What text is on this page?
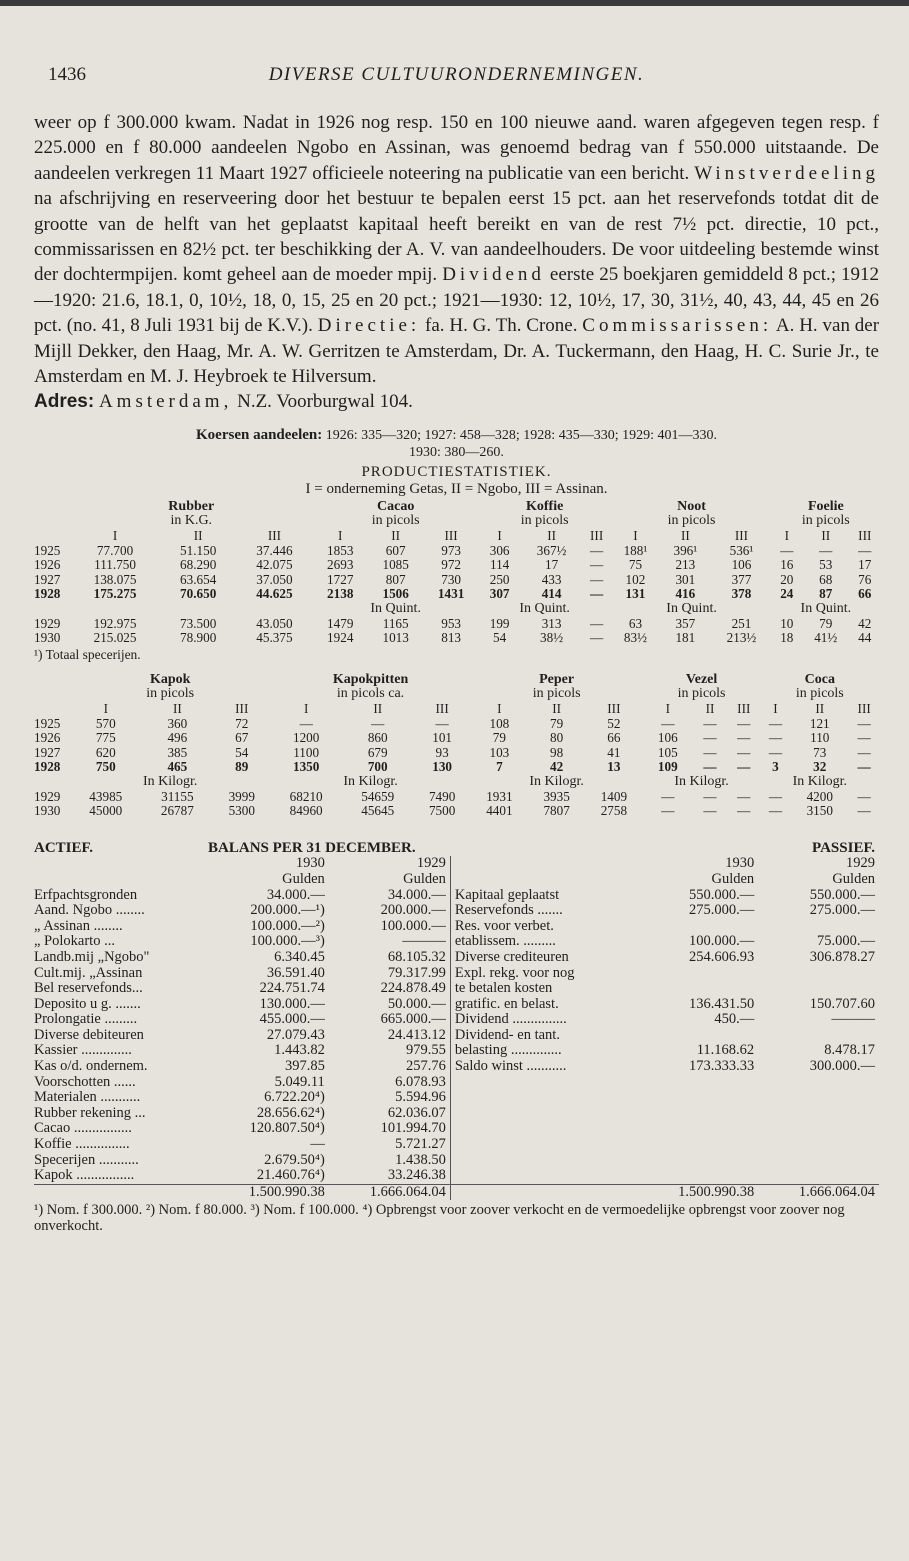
1436	DIVERSE CULTUURONDERNEMINGEN.
weer op f 300.000 kwam. Nadat in 1926 nog resp. 150 en 100 nieuwe aand. waren afgegeven tegen resp. f 225.000 en f 80.000 aandeelen Ngobo en Assinan, was genoemd bedrag van f 550.000 uitstaande. De aandeelen verkregen 11 Maart 1927 officieele noteering na publicatie van een bericht. Winstverdeeling na afschrijving en reserveering door het bestuur te bepalen eerst 15 pct. aan het reservefonds totdat dit de grootte van de helft van het geplaatst kapitaal heeft bereikt en van de rest 7½ pct. directie, 10 pct., commissarissen en 82½ pct. ter beschikking der A. V. van aandeelhouders. De voor uitdeeling bestemde winst der dochtermpijen. komt geheel aan de moeder mpij. Dividend eerste 25 boekjaren gemiddeld 8 pct.; 1912—1920: 21.6, 18.1, 0, 10½, 18, 0, 15, 25 en 20 pct.; 1921—1930: 12, 10½, 17, 30, 31½, 40, 43, 44, 45 en 26 pct. (no. 41, 8 Juli 1931 bij de K.V.). Directie: fa. H. G. Th. Crone. Commissarissen: A. H. van der Mijll Dekker, den Haag, Mr. A. W. Gerritzen te Amsterdam, Dr. A. Tuckermann, den Haag, H. C. Surie Jr., te Amsterdam en M. J. Heybroek te Hilversum.
Adres: Amsterdam, N.Z. Voorburgwal 104.
Koersen aandeelen: 1926: 335—320; 1927: 458—328; 1928: 435—330; 1929: 401—330.
1930: 380—260.
PRODUCTIESTATISTIEK.
I = onderneming Getas, II = Ngobo, III = Assinan.
	Rubber			Cacao			Koffie			Noot			Foelie		
	in K.G.			in picols			in picols			in picols			in picols		
	I	II	III	I	II	III	I	II	III	I	II	III	I	II	III
1925	77.700	51.150	37.446	1853	607	973	306	367½	—	188¹	396¹	536¹	—	—	—
1926	111.750	68.290	42.075	2693	1085	972	114	17	—	75	213	106	16	53	17
1927	138.075	63.654	37.050	1727	807	730	250	433	—	102	301	377	20	68	76
1928	175.275	70.650	44.625	2138	1506	1431	307	414	—	131	416	378	24	87	66
				In Quint.			In Quint.			In Quint.			In Quint.		
1929	192.975	73.500	43.050	1479	1165	953	199	313	—	63	357	251	10	79	42
1930	215.025	78.900	45.375	1924	1013	813	54	38½	—	83½	181	213½	18	41½	44
¹) Totaal specerijen.
	Kapok			Kapokpitten			Peper			Vezel			Coca		
	in picols			in picols ca.			in picols			in picols			in picols		
	I	II	III	I	II	III	I	II	III	I	II	III	I	II	III
1925	570	360	72	—	—	—	108	79	52	—	—	—	—	121	—
1926	775	496	67	1200	860	101	79	80	66	106	—	—	—	110	—
1927	620	385	54	1100	679	93	103	98	41	105	—	—	—	73	—
1928	750	465	89	1350	700	130	7	42	13	109	—	—	3	32	—
	In Kilogr.			In Kilogr.			In Kilogr.			In Kilogr.			In Kilogr.		
1929	43985	31155	3999	68210	54659	7490	1931	3935	1409	—	—	—	—	4200	—
1930	45000	26787	5300	84960	45645	7500	4401	7807	2758	—	—	—	—	3150	—
ACTIEF.	BALANS PER 31 DECEMBER.			PASSIEF.	
	1930	1929		1930	1929
	Gulden	Gulden		Gulden	Gulden
Erfpachtsgronden	34.000.—	34.000.—	Kapitaal geplaatst	550.000.—	550.000.—
Aand. Ngobo ........	200.000.—¹)	200.000.—	Reservefonds .......	275.000.—	275.000.—
„ Assinan ........	100.000.—²)	100.000.—	Res. voor verbet.		
„ Polokarto ...	100.000.—³)	———	etablissem. .........	100.000.—	75.000.—
Landb.mij „Ngobo"	6.340.45	68.105.32	Diverse crediteuren	254.606.93	306.878.27
Cult.mij. „Assinan	36.591.40	79.317.99	Expl. rekg. voor nog		
Bel reservefonds...	224.751.74	224.878.49	te betalen kosten		
Deposito u g. .......	130.000.—	50.000.—	gratific. en belast.	136.431.50	150.707.60
Prolongatie .........	455.000.—	665.000.—	Dividend ...............	450.—	———
Diverse debiteuren	27.079.43	24.413.12	Dividend- en tant.		
Kassier ..............	1.443.82	979.55	belasting ..............	11.168.62	8.478.17
Kas o/d. ondernem.	397.85	257.76	Saldo winst ...........	173.333.33	300.000.—
Voorschotten ......	5.049.11	6.078.93			
Materialen ...........	6.722.20⁴)	5.594.96			
Rubber rekening ...	28.656.62⁴)	62.036.07			
Cacao ................	120.807.50⁴)	101.994.70			
Koffie ...............	—	5.721.27			
Specerijen ...........	2.679.50⁴)	1.438.50			
Kapok ................	21.460.76⁴)	33.246.38			
	1.500.990.38	1.666.064.04		1.500.990.38	1.666.064.04
¹) Nom. f 300.000. ²) Nom. f 80.000. ³) Nom. f 100.000. ⁴) Opbrengst voor zoover verkocht en de vermoedelijke opbrengst voor zoover nog onverkocht.
